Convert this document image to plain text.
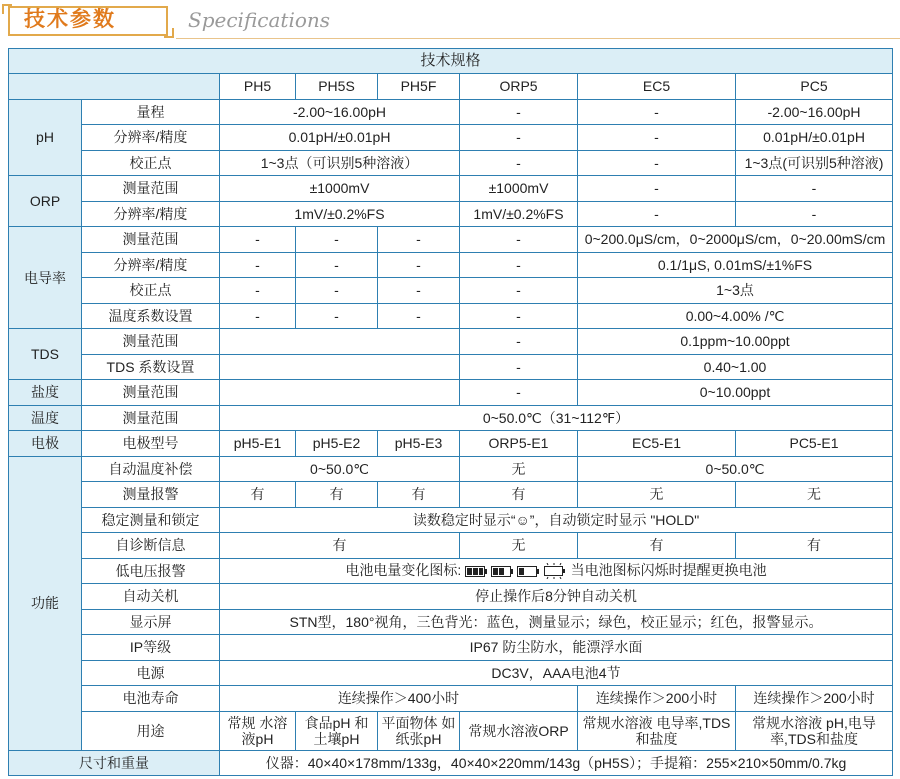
技术参数	Specifications
技术规格							
		PH5	PH5S	PH5F	ORP5	EC5	PC5
pH	量程	-2.00~16.00pH			-	-	-2.00~16.00pH
	分辨率/精度	0.01pH/±0.01pH			-	-	0.01pH/±0.01pH
	校正点	1~3点（可识别5种溶液）			-	-	1~3点(可识别5种溶液)
ORP	测量范围	±1000mV			±1000mV	-	-
	分辨率/精度	1mV/±0.2%FS			1mV/±0.2%FS	-	-
电导率	测量范围	-	-	-	-	0~200.0μS/cm，0~2000μS/cm，0~20.00mS/cm	
	分辨率/精度	-	-	-	-	0.1/1μS, 0.01mS/±1%FS	
	校正点	-	-	-	-	1~3点	
	温度系数设置	-	-	-	-	0.00~4.00% /℃	
TDS	测量范围				-	0.1ppm~10.00ppt	
	TDS 系数设置				-	0.40~1.00	
盐度	测量范围				-	0~10.00ppt	
温度	测量范围	0~50.0℃（31~112℉）					
电极	电极型号	pH5-E1	pH5-E2	pH5-E3	ORP5-E1	EC5-E1	PC5-E1
功能	自动温度补偿	0~50.0℃			无	0~50.0℃	
	测量报警	有	有	有	有	无	无
	稳定测量和锁定	读数稳定时显示“☺”，自动锁定时显示 "HOLD"					
	自诊断信息	有			无	有	有
	低电压报警	电池电量变化图标: 当电池图标闪烁时提醒更换电池					
	自动关机	停止操作后8分钟自动关机					
	显示屏	STN型，180°视角，三色背光：蓝色，测量显示；绿色，校正显示；红色，报警显示。					
	IP等级	IP67 防尘防水，能漂浮水面					
	电源	DC3V，AAA电池4节					
	电池寿命	连续操作＞400小时				连续操作＞200小时	连续操作＞200小时
	用途	常规 水溶液pH	食品pH 和土壤pH	平面物体 如纸张pH	常规水溶液ORP	常规水溶液 电导率,TDS和盐度	常规水溶液 pH,电导率,TDS和盐度
尺寸和重量		仪器：40×40×178mm/133g，40×40×220mm/143g（pH5S）；手提箱：255×210×50mm/0.7kg					
